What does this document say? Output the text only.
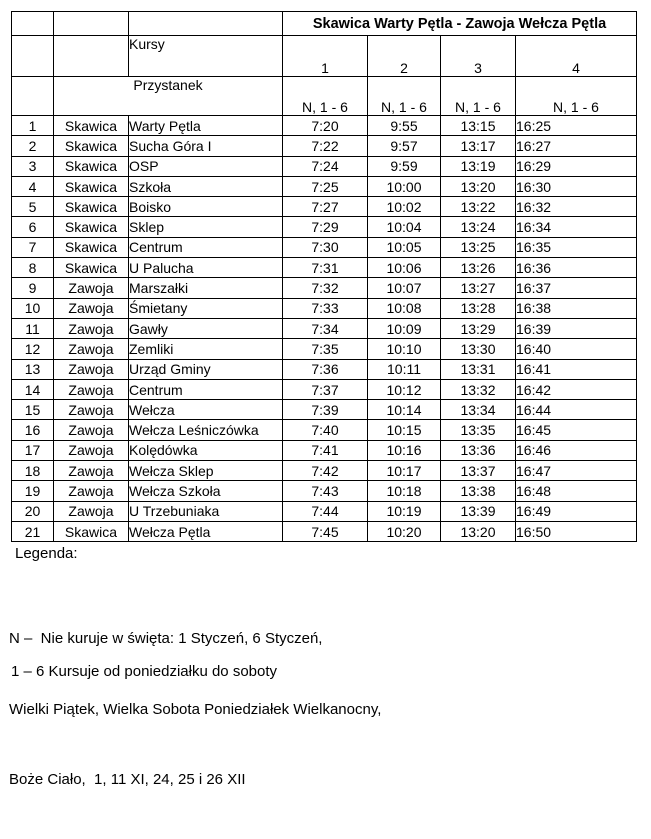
			Skawica Warty Pętla - Zawoja Wełcza Pętla			
		Kursy	1	2	3	4
	Przystanek		N, 1 - 6	N, 1 - 6	N, 1 - 6	N, 1 - 6
1	Skawica	Warty Pętla	7:20	9:55	13:15	16:25
2	Skawica	Sucha Góra I	7:22	9:57	13:17	16:27
3	Skawica	OSP	7:24	9:59	13:19	16:29
4	Skawica	Szkoła	7:25	10:00	13:20	16:30
5	Skawica	Boisko	7:27	10:02	13:22	16:32
6	Skawica	Sklep	7:29	10:04	13:24	16:34
7	Skawica	Centrum	7:30	10:05	13:25	16:35
8	Skawica	U Palucha	7:31	10:06	13:26	16:36
9	Zawoja	Marszałki	7:32	10:07	13:27	16:37
10	Zawoja	Śmietany	7:33	10:08	13:28	16:38
11	Zawoja	Gawły	7:34	10:09	13:29	16:39
12	Zawoja	Zemliki	7:35	10:10	13:30	16:40
13	Zawoja	Urząd Gminy	7:36	10:11	13:31	16:41
14	Zawoja	Centrum	7:37	10:12	13:32	16:42
15	Zawoja	Wełcza	7:39	10:14	13:34	16:44
16	Zawoja	Wełcza Leśniczówka	7:40	10:15	13:35	16:45
17	Zawoja	Kolędówka	7:41	10:16	13:36	16:46
18	Zawoja	Wełcza Sklep	7:42	10:17	13:37	16:47
19	Zawoja	Wełcza Szkoła	7:43	10:18	13:38	16:48
20	Zawoja	U Trzebuniaka	7:44	10:19	13:39	16:49
21	Skawica	Wełcza Pętla	7:45	10:20	13:20	16:50
Legenda:

N –  Nie kuruje w święta: 1 Styczeń, 6 Styczeń,

Wielki Piątek, Wielka Sobota Poniedziałek Wielkanocny,

Boże Ciało,  1, 11 XI, 24, 25 i 26 XII

1 – 6 Kursuje od poniedziałku do soboty
